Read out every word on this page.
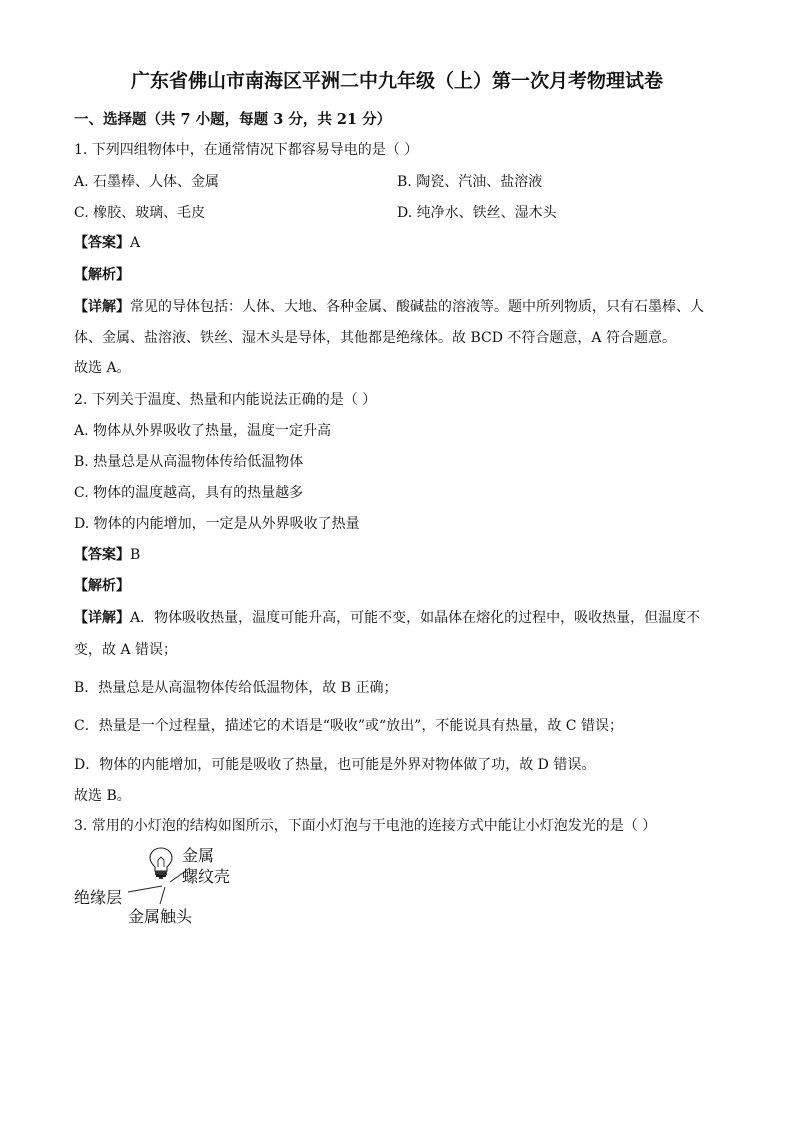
广东省佛山市南海区平洲二中九年级（上）第一次月考物理试卷
一、选择题（共 7 小题，每题 3 分，共 21 分）
1. 下列四组物体中，在通常情况下都容易导电的是（ ）
A. 石墨棒、人体、金属	B. 陶瓷、汽油、盐溶液
C. 橡胶、玻璃、毛皮	D. 纯净水、铁丝、湿木头
【答案】A
【解析】
【详解】常见的导体包括：人体、大地、各种金属、酸碱盐的溶液等。题中所列物质，只有石墨棒、人
体、金属、盐溶液、铁丝、湿木头是导体，其他都是绝缘体。故 BCD 不符合题意，A 符合题意。
故选 A。
2. 下列关于温度、热量和内能说法正确的是（ ）
A. 物体从外界吸收了热量，温度一定升高
B. 热量总是从高温物体传给低温物体
C. 物体的温度越高，具有的热量越多
D. 物体的内能增加，一定是从外界吸收了热量
【答案】B
【解析】
【详解】A．物体吸收热量，温度可能升高，可能不变，如晶体在熔化的过程中，吸收热量，但温度不
变，故 A 错误；
B．热量总是从高温物体传给低温物体，故 B 正确；
C．热量是一个过程量，描述它的术语是“吸收”或“放出”，不能说具有热量，故 C 错误；
D．物体的内能增加，可能是吸收了热量，也可能是外界对物体做了功，故 D 错误。
故选 B。
3. 常用的小灯泡的结构如图所示，下面小灯泡与干电池的连接方式中能让小灯泡发光的是（ ）
金属
螺纹壳
绝缘层
金属触头
